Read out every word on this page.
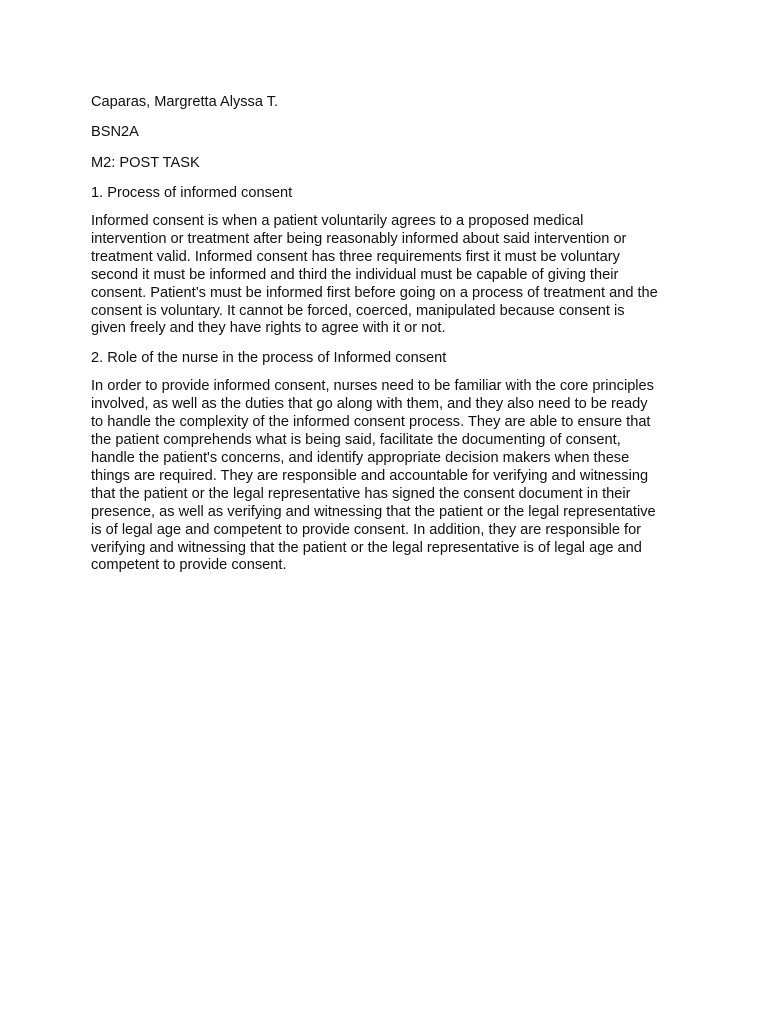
Caparas, Margretta Alyssa T.

BSN2A

M2: POST TASK

1. Process of informed consent

Informed consent is when a patient voluntarily agrees to a proposed medical
intervention or treatment after being reasonably informed about said intervention or
treatment valid. Informed consent has three requirements first it must be voluntary
second it must be informed and third the individual must be capable of giving their
consent. Patient’s must be informed first before going on a process of treatment and the
consent is voluntary. It cannot be forced, coerced, manipulated because consent is
given freely and they have rights to agree with it or not.

2. Role of the nurse in the process of Informed consent

In order to provide informed consent, nurses need to be familiar with the core principles
involved, as well as the duties that go along with them, and they also need to be ready
to handle the complexity of the informed consent process. They are able to ensure that
the patient comprehends what is being said, facilitate the documenting of consent,
handle the patient's concerns, and identify appropriate decision makers when these
things are required. They are responsible and accountable for verifying and witnessing
that the patient or the legal representative has signed the consent document in their
presence, as well as verifying and witnessing that the patient or the legal representative
is of legal age and competent to provide consent. In addition, they are responsible for
verifying and witnessing that the patient or the legal representative is of legal age and
competent to provide consent.
